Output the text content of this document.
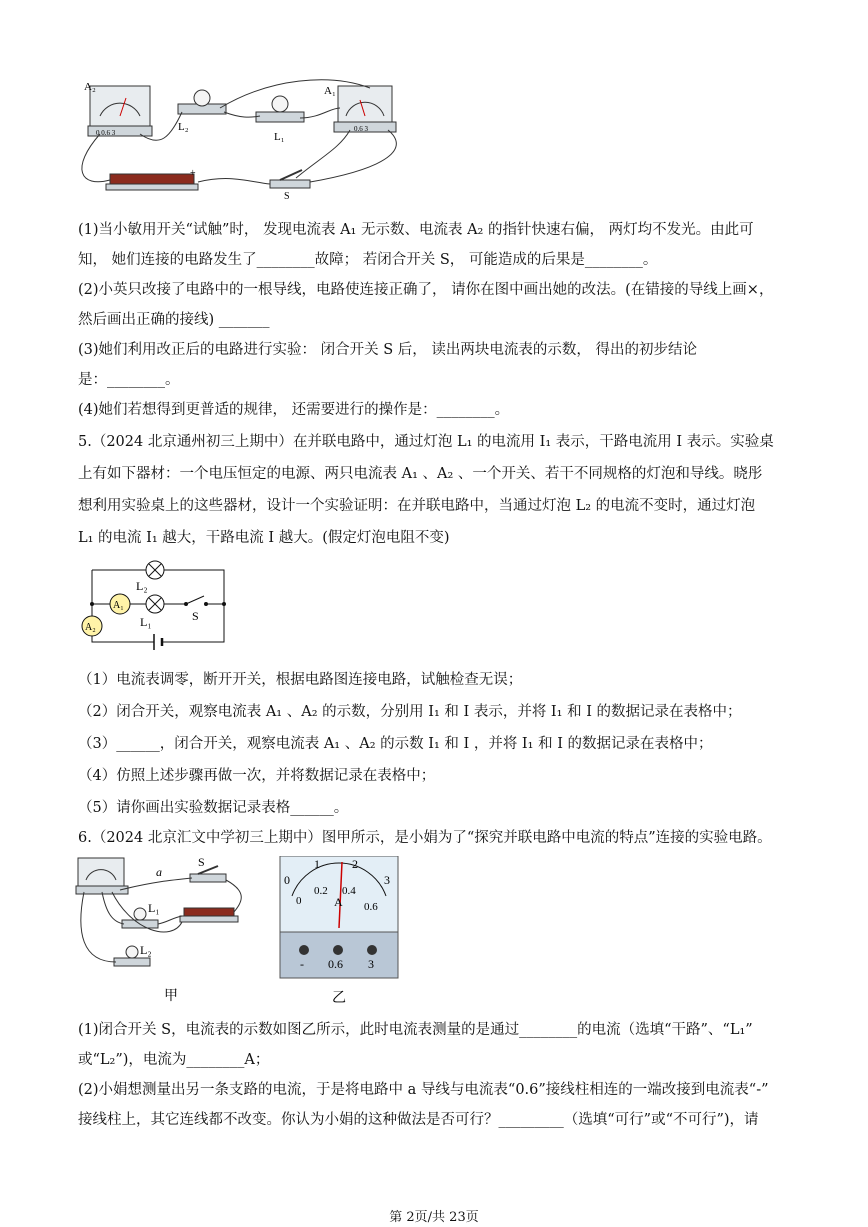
A₂
0 0.6 3	L₂
L₁
A₁
0.6 3
+
S
(1)当小敏用开关“试触”时， 发现电流表 A₁ 无示数、电流表 A₂ 的指针快速右偏， 两灯均不发光。由此可
知， 她们连接的电路发生了________故障； 若闭合开关 S， 可能造成的后果是________。
(2)小英只改接了电路中的一根导线，电路使连接正确了， 请你在图中画出她的改法。(在错接的导线上画×，
然后画出正确的接线) _______
(3)她们利用改正后的电路进行实验： 闭合开关 S 后， 读出两块电流表的示数， 得出的初步结论
是：________。
(4)她们若想得到更普适的规律， 还需要进行的操作是：________。
5.（2024 北京通州初三上期中）在并联电路中，通过灯泡 L₁ 的电流用 I₁ 表示，干路电流用 I 表示。实验桌
上有如下器材：一个电压恒定的电源、两只电流表 A₁ 、A₂ 、一个开关、若干不同规格的灯泡和导线。晓彤
想利用实验桌上的这些器材，设计一个实验证明：在并联电路中，当通过灯泡 L₂ 的电流不变时，通过灯泡
L₁ 的电流 I₁ 越大，干路电流 I 越大。(假定灯泡电阻不变)
L₂
A₁
L₁	S
A₂
（1）电流表调零，断开开关，根据电路图连接电路，试触检查无误；
（2）闭合开关，观察电流表 A₁ 、A₂ 的示数，分别用 I₁ 和 I 表示，并将 I₁ 和 I 的数据记录在表格中；
（3）______，闭合开关，观察电流表 A₁ 、A₂ 的示数 I₁ 和 I ，并将 I₁ 和 I 的数据记录在表格中；
（4）仿照上述步骤再做一次，并将数据记录在表格中；
（5）请你画出实验数据记录表格______。
6.（2024 北京汇文中学初三上期中）图甲所示，是小娟为了“探究并联电路中电流的特点”连接的实验电路。
S
a
L₁
L₂
甲
0
1	2
3
0
0.2 0.4
0.6
A
- 0.6 3
乙
(1)闭合开关 S，电流表的示数如图乙所示，此时电流表测量的是通过________的电流（选填“干路”、“L₁”
或“L₂”)，电流为________A；
(2)小娟想测量出另一条支路的电流，于是将电路中 a 导线与电流表“0.6”接线柱相连的一端改接到电流表“-”
接线柱上，其它连线都不改变。你认为小娟的这种做法是否可行？_________（选填“可行”或“不可行”)，请
第 2页/共 23页
